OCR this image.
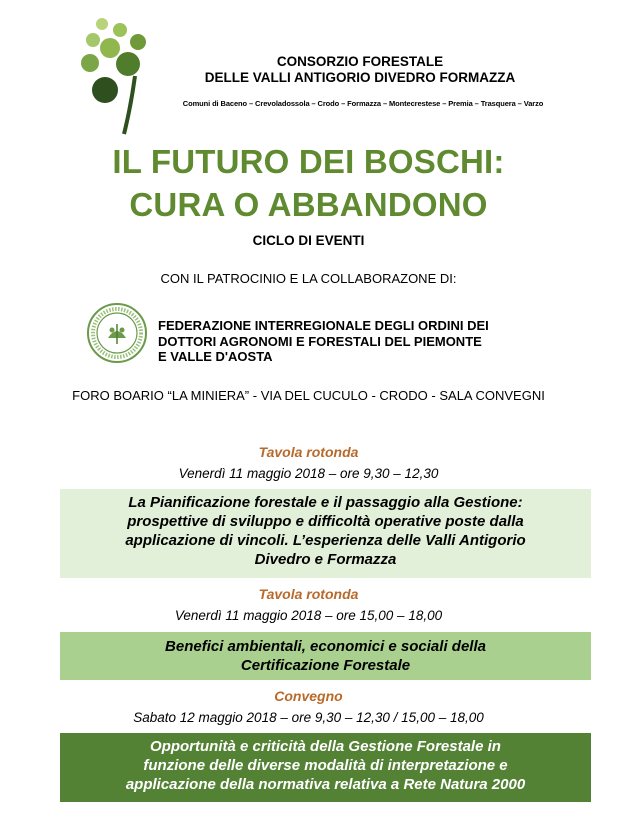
CONSORZIO FORESTALE
DELLE VALLI ANTIGORIO DIVEDRO FORMAZZA
Comuni di Baceno – Crevoladossola – Crodo – Formazza – Montecrestese – Premia – Trasquera – Varzo
IL FUTURO DEI BOSCHI:
CURA O ABBANDONO
CICLO DI EVENTI
CON IL PATROCINIO E LA COLLABORAZONE DI:
FEDERAZIONE INTERREGIONALE DEGLI ORDINI DEI
DOTTORI AGRONOMI E FORESTALI DEL PIEMONTE
E VALLE D'AOSTA
FORO BOARIO “LA MINIERA” - VIA DEL CUCULO - CRODO - SALA CONVEGNI
Tavola rotonda
Venerdì 11 maggio 2018 – ore 9,30 – 12,30
La Pianificazione forestale e il passaggio alla Gestione:
prospettive di sviluppo e difficoltà operative poste dalla
applicazione di vincoli. L’esperienza delle Valli Antigorio
Divedro e Formazza
Tavola rotonda
Venerdì 11 maggio 2018 – ore 15,00 – 18,00
Benefici ambientali, economici e sociali della
Certificazione Forestale
Convegno
Sabato 12 maggio 2018 – ore 9,30 – 12,30 / 15,00 – 18,00
Opportunità e criticità della Gestione Forestale in
funzione delle diverse modalità di interpretazione e
applicazione della normativa relativa a Rete Natura 2000
